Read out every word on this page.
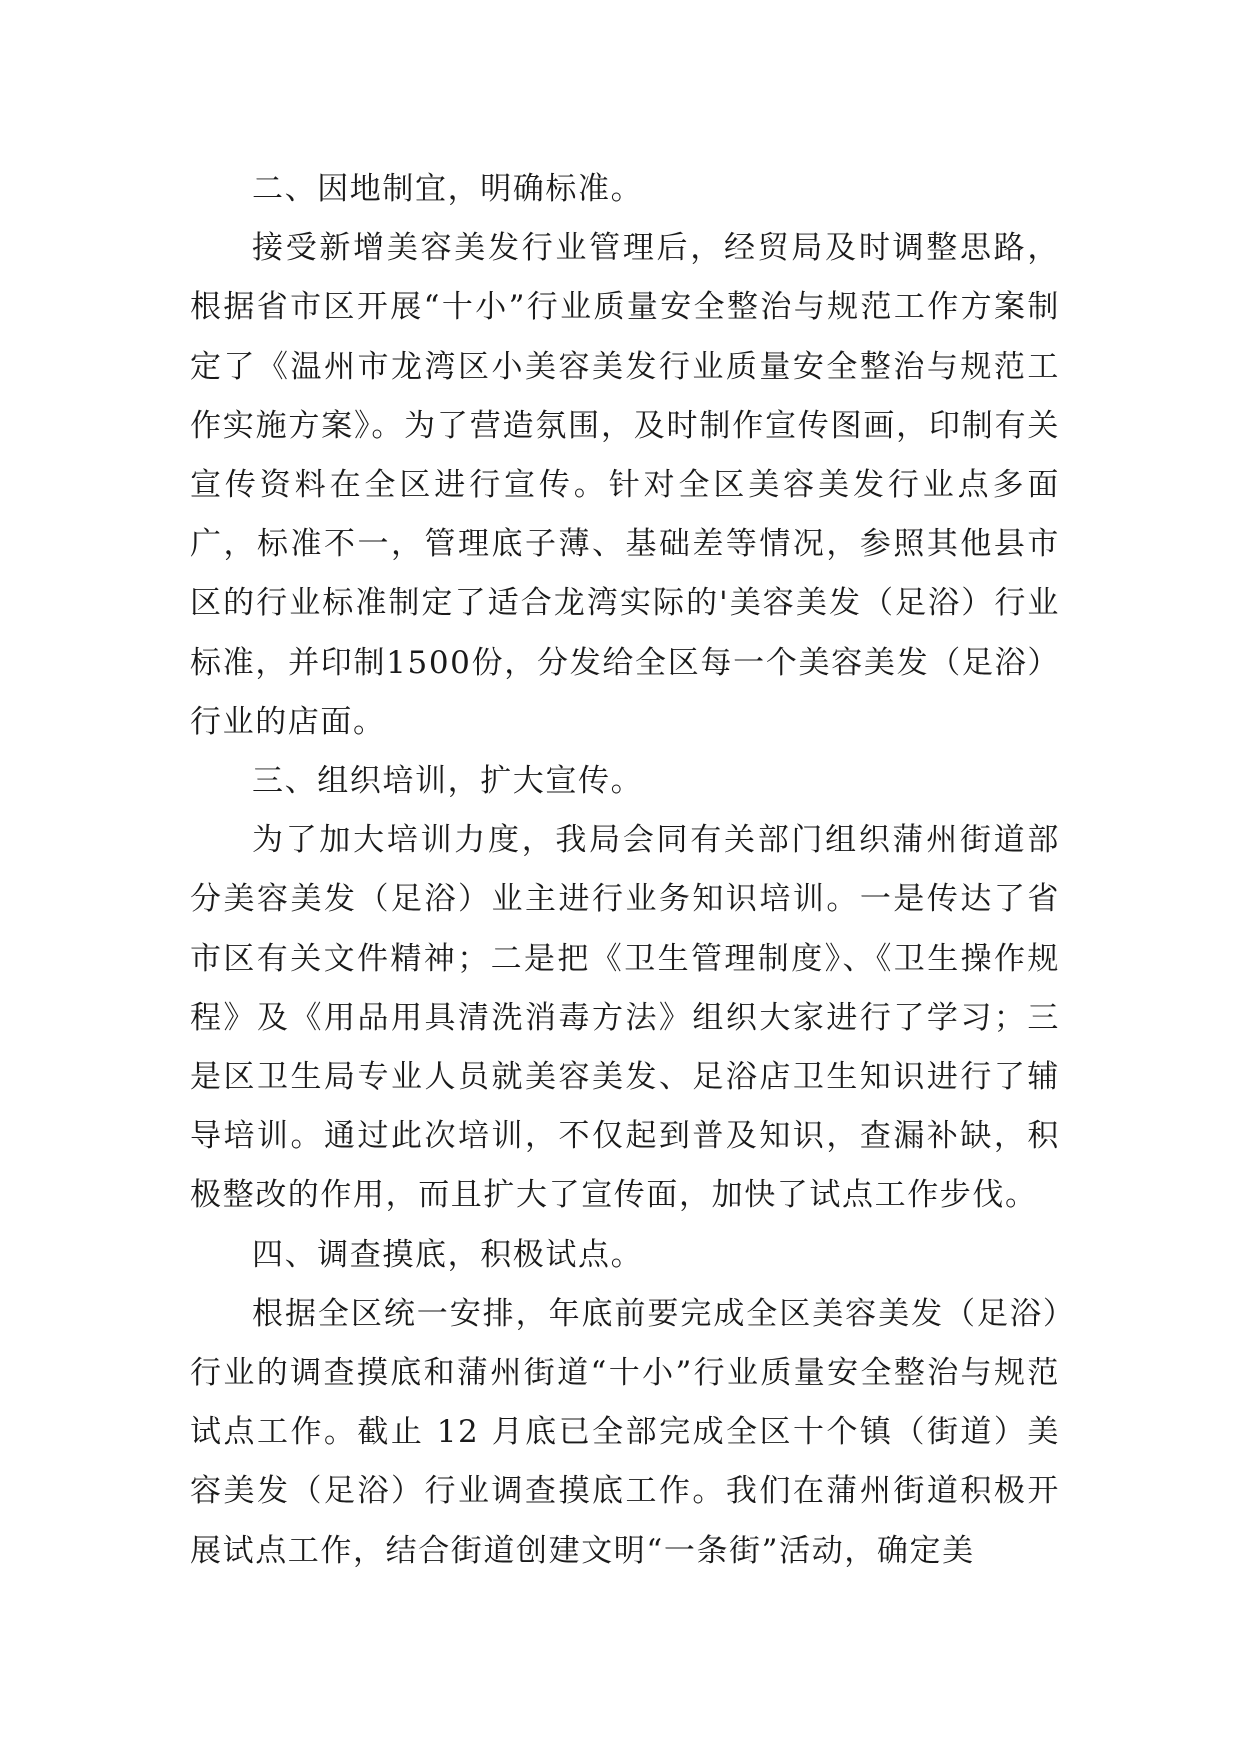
二、因地制宜，明确标准。

接受新增美容美发行业管理后，经贸局及时调整思路，根据省市区开展“十小”行业质量安全整治与规范工作方案制定了《温州市龙湾区小美容美发行业质量安全整治与规范工作实施方案》。为了营造氛围，及时制作宣传图画，印制有关宣传资料在全区进行宣传。针对全区美容美发行业点多面广，标准不一，管理底子薄、基础差等情况，参照其他县市区的行业标准制定了适合龙湾实际的'美容美发（足浴）行业标准，并印制1500份，分发给全区每一个美容美发（足浴）行业的店面。

三、组织培训，扩大宣传。

为了加大培训力度，我局会同有关部门组织蒲州街道部分美容美发（足浴）业主进行业务知识培训。一是传达了省市区有关文件精神；二是把《卫生管理制度》、《卫生操作规程》及《用品用具清洗消毒方法》组织大家进行了学习；三是区卫生局专业人员就美容美发、足浴店卫生知识进行了辅导培训。通过此次培训，不仅起到普及知识，查漏补缺，积极整改的作用，而且扩大了宣传面，加快了试点工作步伐。

四、调查摸底，积极试点。

根据全区统一安排，年底前要完成全区美容美发（足浴）行业的调查摸底和蒲州街道“十小”行业质量安全整治与规范试点工作。截止 12 月底已全部完成全区十个镇（街道）美容美发（足浴）行业调查摸底工作。我们在蒲州街道积极开展试点工作，结合街道创建文明“一条街”活动，确定美
